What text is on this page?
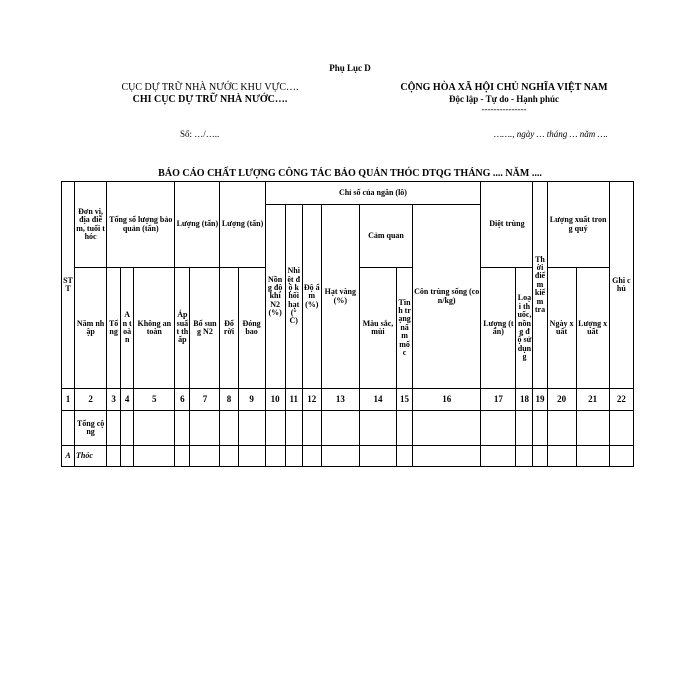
Phụ Lục D
CỤC DỰ TRỮ NHÀ NƯỚC KHU VỰC….
CHI CỤC DỰ TRỮ NHÀ NƯỚC….
CỘNG HÒA XÃ HỘI CHỦ NGHĨA VIỆT NAM
Độc lập - Tự do - Hạnh phúc
---------------
Số: …/…..	……., ngày … tháng … năm ….
BÁO CÁO CHẤT LƯỢNG CÔNG TÁC BẢO QUẢN THÓC DTQG THÁNG .... NĂM ....
STT	Đơn vị, địa điểm, tuổi thóc	Tổng số lượng bảo quản (tấn)			Lượng (tấn)		Lượng (tấn)		Chỉ số của ngăn (lô)							Diệt trùng		Thời điểm kiểm tra	Lượng xuất trong quý		Ghi chú
									Nồng độ khí N2 (%)	Nhiệt độ khối hạt (°C)	Độ ẩm (%)	Hạt vàng (%)	Cảm quan		Côn trùng sống (con/kg)						
	Năm nhập	Tổng	An toàn	Không an toàn	Áp suất thấp	Bổ sung N2	Đổ rời	Đóng bao					Màu sắc, mùi	Tình trạng nấm mốc		Lượng (tấn)	Loại thuốc, nồng độ sử dụng		Ngày xuất	Lượng xuất	
1	2	3	4	5	6	7	8	9	10	11	12	13	14	15	16	17	18	19	20	21	22
	Tổng cộng																				
A	Thóc																				
